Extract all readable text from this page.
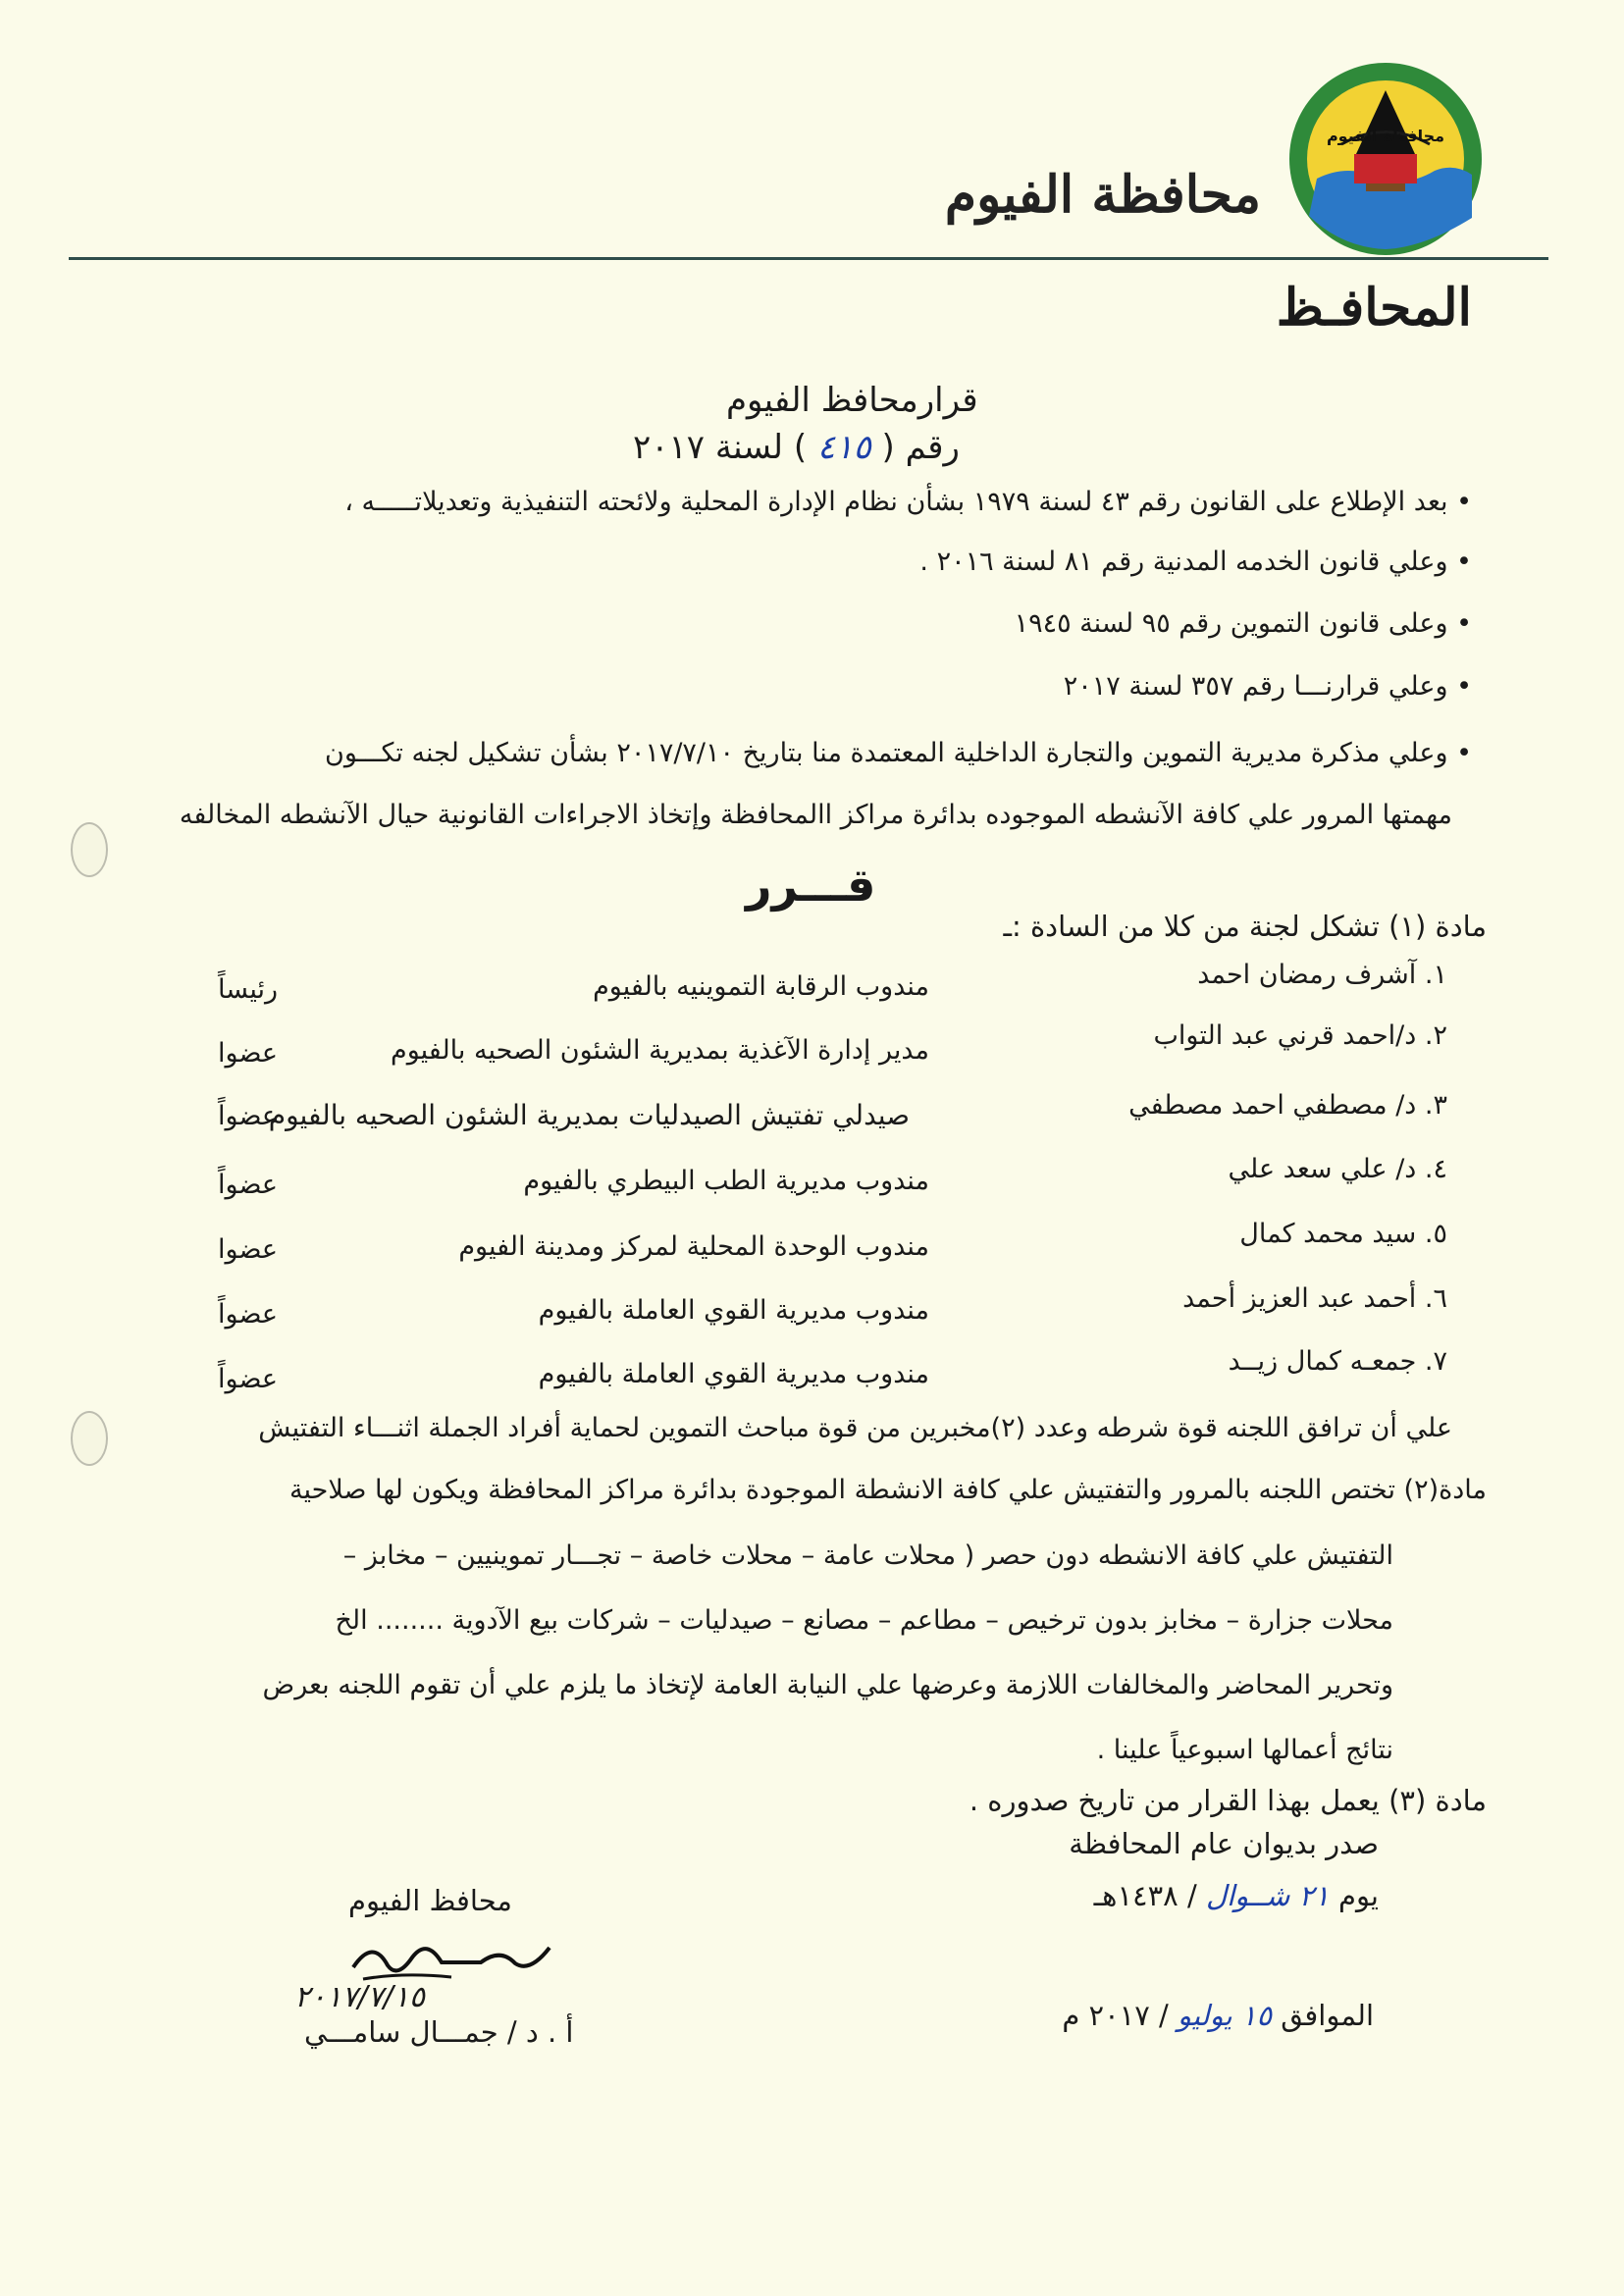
محافظة الفيوم
محافظة الفيوم
المحافـظ
قرارمحافظ الفيوم
رقم ( ٤١٥ ) لسنة ٢٠١٧
• بعد الإطلاع على القانون رقم ٤٣ لسنة ١٩٧٩ بشأن نظام الإدارة المحلية ولائحته التنفيذية وتعديلاتـــــه ،
• وعلي قانون الخدمه المدنية رقم ٨١ لسنة ٢٠١٦ .
• وعلى قانون التموين رقم ٩٥ لسنة ١٩٤٥
• وعلي قرارنـــا رقم ٣٥٧ لسنة ٢٠١٧
• وعلي مذكرة مديرية التموين والتجارة الداخلية المعتمدة منا بتاريخ ٢٠١٧/٧/١٠ بشأن تشكيل لجنه تكـــون
مهمتها المرور علي كافة الآنشطه الموجوده بدائرة مراكز االمحافظة وإتخاذ الاجراءات القانونية حيال الآنشطه المخالفه
قـــرر
مادة (١) تشكل لجنة من كلا من السادة :ـ
١. آشرف رمضان احمد
مندوب الرقابة التموينيه بالفيوم
رئيساً
٢. د/احمد قرني عبد التواب
مدير إدارة الآغذية بمديرية الشئون الصحيه بالفيوم
عضوا
٣. د/ مصطفي احمد مصطفي
صيدلي تفتيش الصيدليات بمديرية الشئون الصحيه بالفيوم
عضواً
٤. د/ علي سعد علي
مندوب مديرية الطب البيطري بالفيوم
عضواً
٥. سيد محمد كمال
مندوب الوحدة المحلية لمركز ومدينة الفيوم
عضوا
٦. أحمد عبد العزيز أحمد
مندوب مديرية القوي العاملة بالفيوم
عضواً
٧. جمعـه كمال زيــد
مندوب مديرية القوي العاملة بالفيوم
عضواً
علي أن ترافق اللجنه قوة شرطه وعدد (٢)مخبرين من قوة مباحث التموين لحماية أفراد الجملة اثنـــاء التفتيش
مادة(٢) تختص اللجنه بالمرور والتفتيش علي كافة الانشطة الموجودة بدائرة مراكز المحافظة ويكون لها صلاحية
التفتيش علي كافة الانشطه دون حصر ( محلات عامة – محلات خاصة – تجـــار تموينيين – مخابز –
محلات جزارة – مخابز بدون ترخيص – مطاعم – مصانع – صيدليات – شركات بيع الآدوية ........ الخ
وتحرير المحاضر والمخالفات اللازمة وعرضها علي النيابة العامة لإتخاذ ما يلزم علي أن تقوم اللجنه بعرض
نتائج أعمالها اسبوعياً علينا .
مادة (٣) يعمل بهذا القرار من تاريخ صدوره .
صدر بديوان عام المحافظة
يوم ٢١ شــوال / ١٤٣٨هـ
الموافق ١٥ يوليو / ٢٠١٧ م
محافظ الفيوم
٢٠١٧/٧/١٥
أ . د / جمـــال سامـــي
